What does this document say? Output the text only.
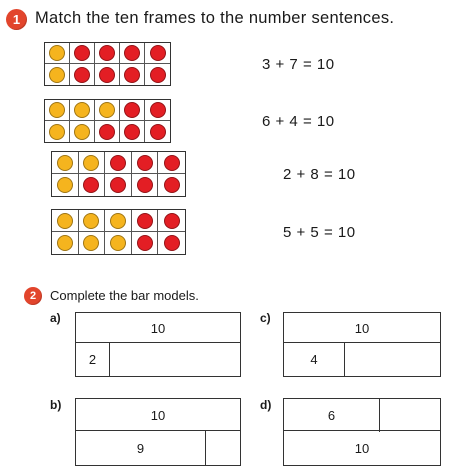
1 Match the ten frames to the number sentences.
3 + 7 = 10
6 + 4 = 10
2 + 8 = 10
5 + 5 = 10
2	Complete the bar models.
a)
10
2
c)
10
4
b)
10
9
d)
6
10
